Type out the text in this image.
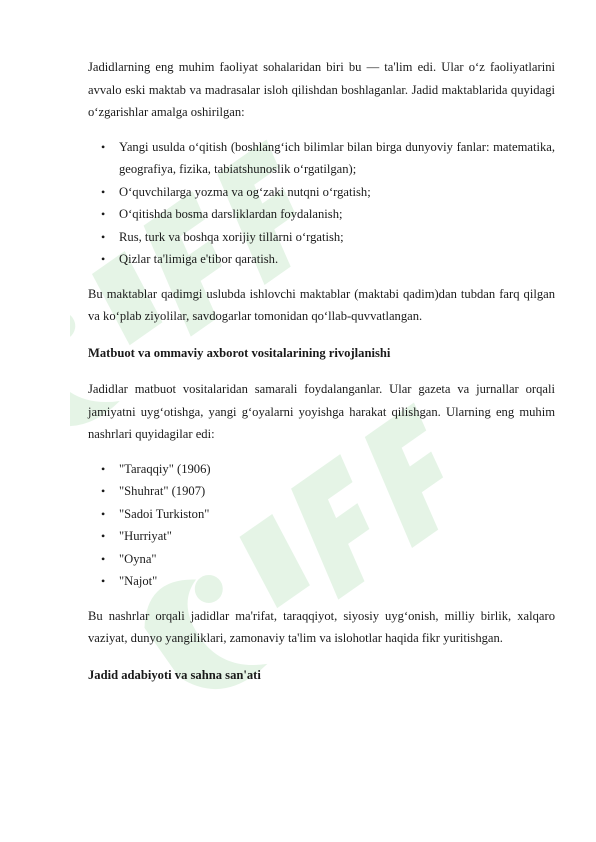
Jadidlarning eng muhim faoliyat sohalaridan biri bu — ta'lim edi. Ular o‘z faoliyatlarini avvalo eski maktab va madrasalar isloh qilishdan boshlaganlar. Jadid maktablarida quyidagi o‘zgarishlar amalga oshirilgan:

• Yangi usulda o‘qitish (boshlang‘ich bilimlar bilan birga dunyoviy fanlar: matematika, geografiya, fizika, tabiatshunoslik o‘rgatilgan);
• O‘quvchilarga yozma va og‘zaki nutqni o‘rgatish;
• O‘qitishda bosma darsliklardan foydalanish;
• Rus, turk va boshqa xorijiy tillarni o‘rgatish;
• Qizlar ta'limiga e'tibor qaratish.

Bu maktablar qadimgi uslubda ishlovchi maktablar (maktabi qadim)dan tubdan farq qilgan va ko‘plab ziyolilar, savdogarlar tomonidan qo‘llab-quvvatlangan.

Matbuot va ommaviy axborot vositalarining rivojlanishi

Jadidlar matbuot vositalaridan samarali foydalanganlar. Ular gazeta va jurnallar orqali jamiyatni uyg‘otishga, yangi g‘oyalarni yoyishga harakat qilishgan. Ularning eng muhim nashrlari quyidagilar edi:

• "Taraqqiy" (1906)
• "Shuhrat" (1907)
• "Sadoi Turkiston"
• "Hurriyat"
• "Oyna"
• "Najot"

Bu nashrlar orqali jadidlar ma'rifat, taraqqiyot, siyosiy uyg‘onish, milliy birlik, xalqaro vaziyat, dunyo yangiliklari, zamonaviy ta'lim va islohotlar haqida fikr yuritishgan.

Jadid adabiyoti va sahna san'ati
